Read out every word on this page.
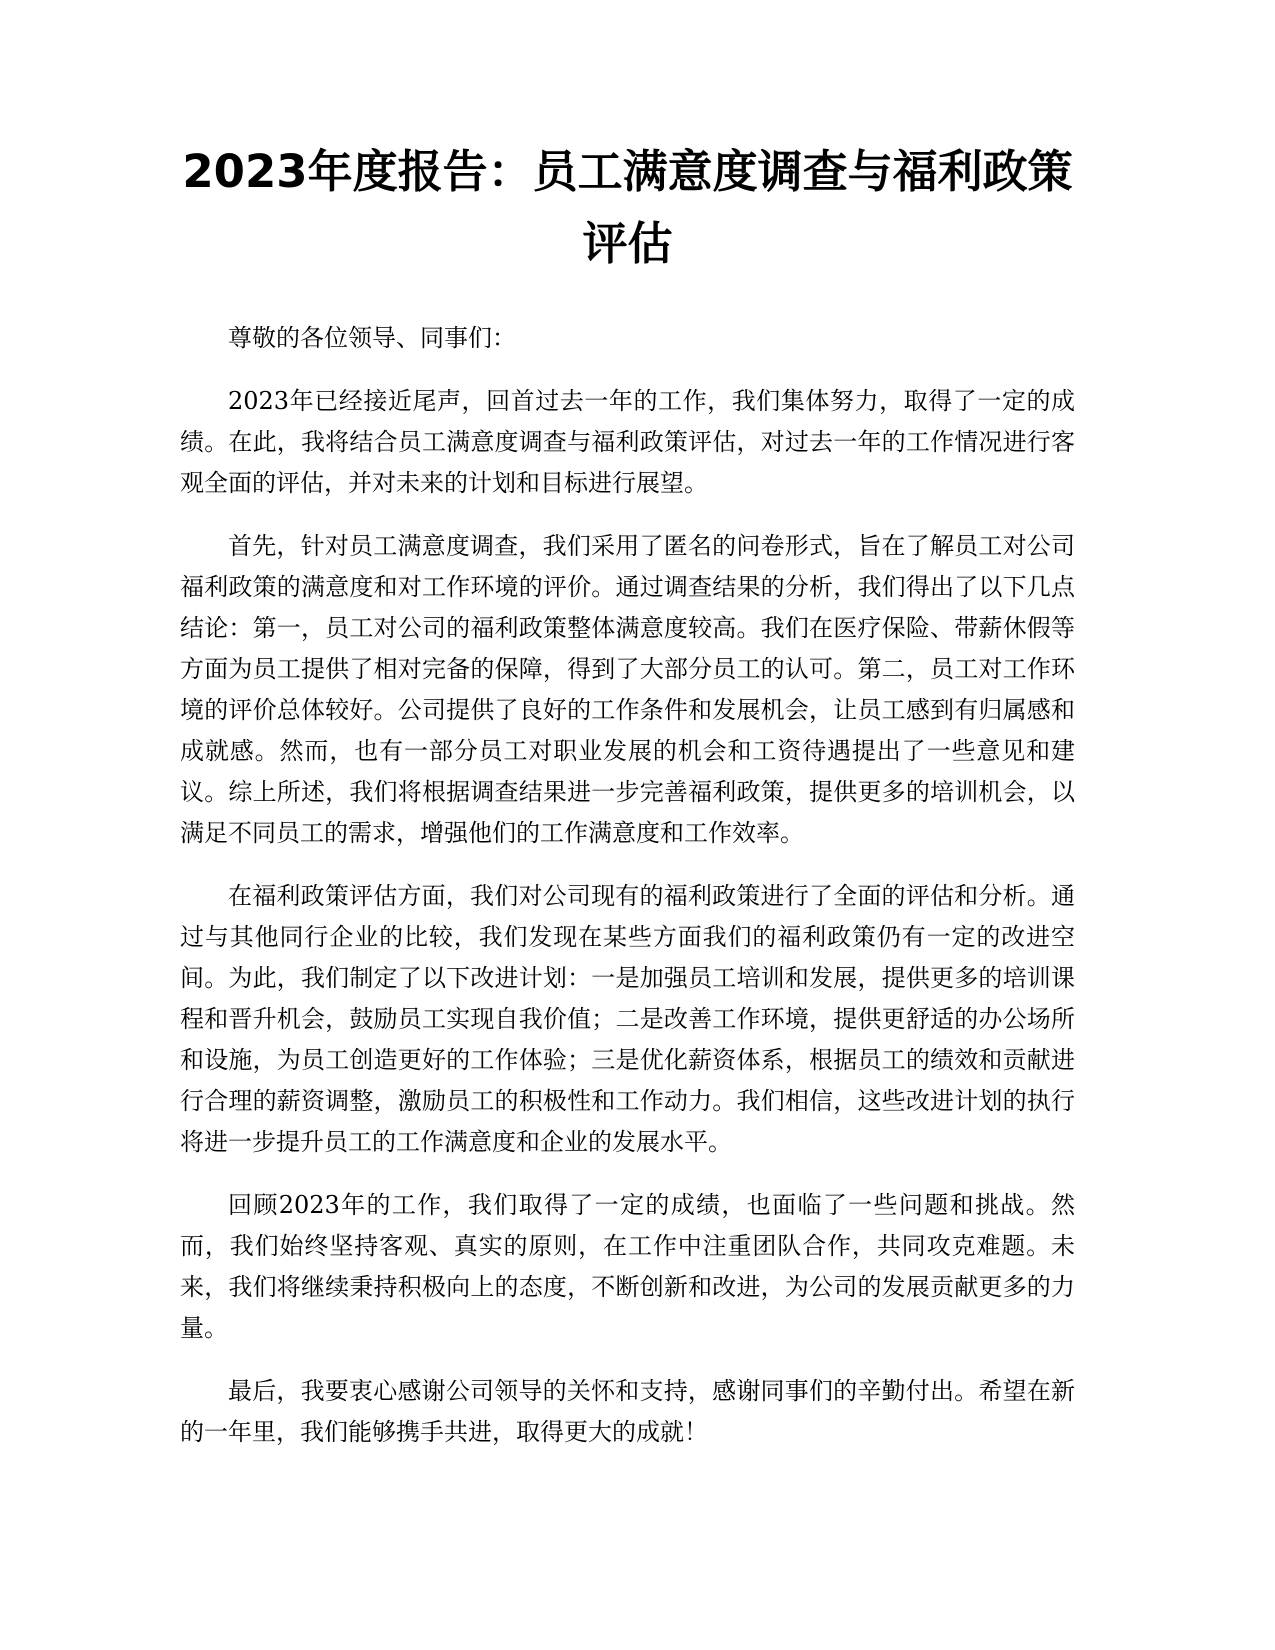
2023年度报告：员工满意度调查与福利政策评估

尊敬的各位领导、同事们：

2023年已经接近尾声，回首过去一年的工作，我们集体努力，取得了一定的成绩。在此，我将结合员工满意度调查与福利政策评估，对过去一年的工作情况进行客观全面的评估，并对未来的计划和目标进行展望。

首先，针对员工满意度调查，我们采用了匿名的问卷形式，旨在了解员工对公司福利政策的满意度和对工作环境的评价。通过调查结果的分析，我们得出了以下几点结论：第一，员工对公司的福利政策整体满意度较高。我们在医疗保险、带薪休假等方面为员工提供了相对完备的保障，得到了大部分员工的认可。第二，员工对工作环境的评价总体较好。公司提供了良好的工作条件和发展机会，让员工感到有归属感和成就感。然而，也有一部分员工对职业发展的机会和工资待遇提出了一些意见和建议。综上所述，我们将根据调查结果进一步完善福利政策，提供更多的培训机会，以满足不同员工的需求，增强他们的工作满意度和工作效率。

在福利政策评估方面，我们对公司现有的福利政策进行了全面的评估和分析。通过与其他同行企业的比较，我们发现在某些方面我们的福利政策仍有一定的改进空间。为此，我们制定了以下改进计划：一是加强员工培训和发展，提供更多的培训课程和晋升机会，鼓励员工实现自我价值；二是改善工作环境，提供更舒适的办公场所和设施，为员工创造更好的工作体验；三是优化薪资体系，根据员工的绩效和贡献进行合理的薪资调整，激励员工的积极性和工作动力。我们相信，这些改进计划的执行将进一步提升员工的工作满意度和企业的发展水平。

回顾2023年的工作，我们取得了一定的成绩，也面临了一些问题和挑战。然而，我们始终坚持客观、真实的原则，在工作中注重团队合作，共同攻克难题。未来，我们将继续秉持积极向上的态度，不断创新和改进，为公司的发展贡献更多的力量。

最后，我要衷心感谢公司领导的关怀和支持，感谢同事们的辛勤付出。希望在新的一年里，我们能够携手共进，取得更大的成就！
